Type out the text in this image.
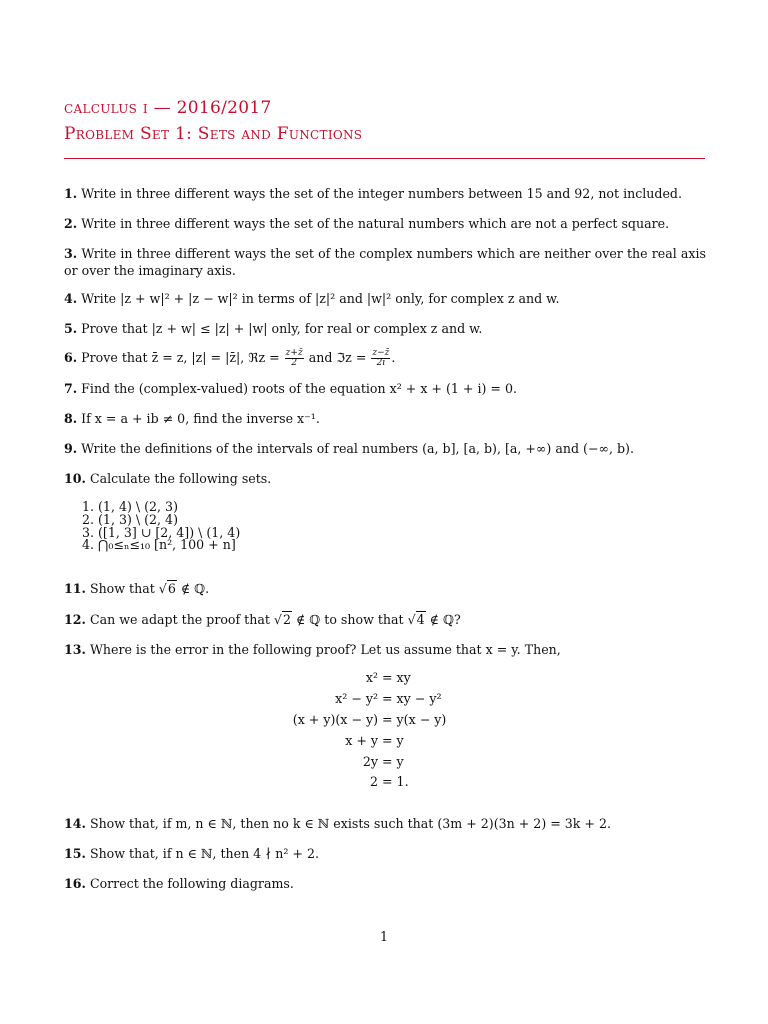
calculus i — 2016/2017
Problem Set 1: Sets and Functions
1. Write in three different ways the set of the integer numbers between 15 and 92, not included.
2. Write in three different ways the set of the natural numbers which are not a perfect square.
3. Write in three different ways the set of the complex numbers which are neither over the real axis or over the imaginary axis.
4. Write |z + w|² + |z − w|² in terms of |z|² and |w|² only, for complex z and w.
5. Prove that |z + w| ≤ |z| + |w| only, for real or complex z and w.
6. Prove that z̄̄ = z, |z| = |z̄|, ℜz = $\frac{z+z̄}{2}$ and ℑz = $\frac{z-z̄}{2i}$ .
7. Find the (complex-valued) roots of the equation x² + x + (1 + i) = 0.
8. If x = a + ib ≠ 0, find the inverse x⁻¹.
9. Write the definitions of the intervals of real numbers (a, b], [a, b), [a, +∞) and (−∞, b).
10. Calculate the following sets.
1. (1, 4) \ (2, 3)
2. (1, 3) \ (2, 4)
3. ([1, 3] ∪ [2, 4]) \ (1, 4)
4. ⋂₀≤ₙ≤₁₀ [n², 100 + n]
11. Show that √6 ∉ ℚ.
12. Can we adapt the proof that √2 ∉ ℚ to show that √4 ∉ ℚ?
13. Where is the error in the following proof? Let us assume that x = y. Then,
x² = xy
x² − y² = xy − y²
(x + y)(x − y) = y(x − y)
x + y = y
2y = y
2 = 1.
14. Show that, if m, n ∈ ℕ, then no k ∈ ℕ exists such that (3m + 2)(3n + 2) = 3k + 2.
15. Show that, if n ∈ ℕ, then 4 ∤ n² + 2.
16. Correct the following diagrams.
1
